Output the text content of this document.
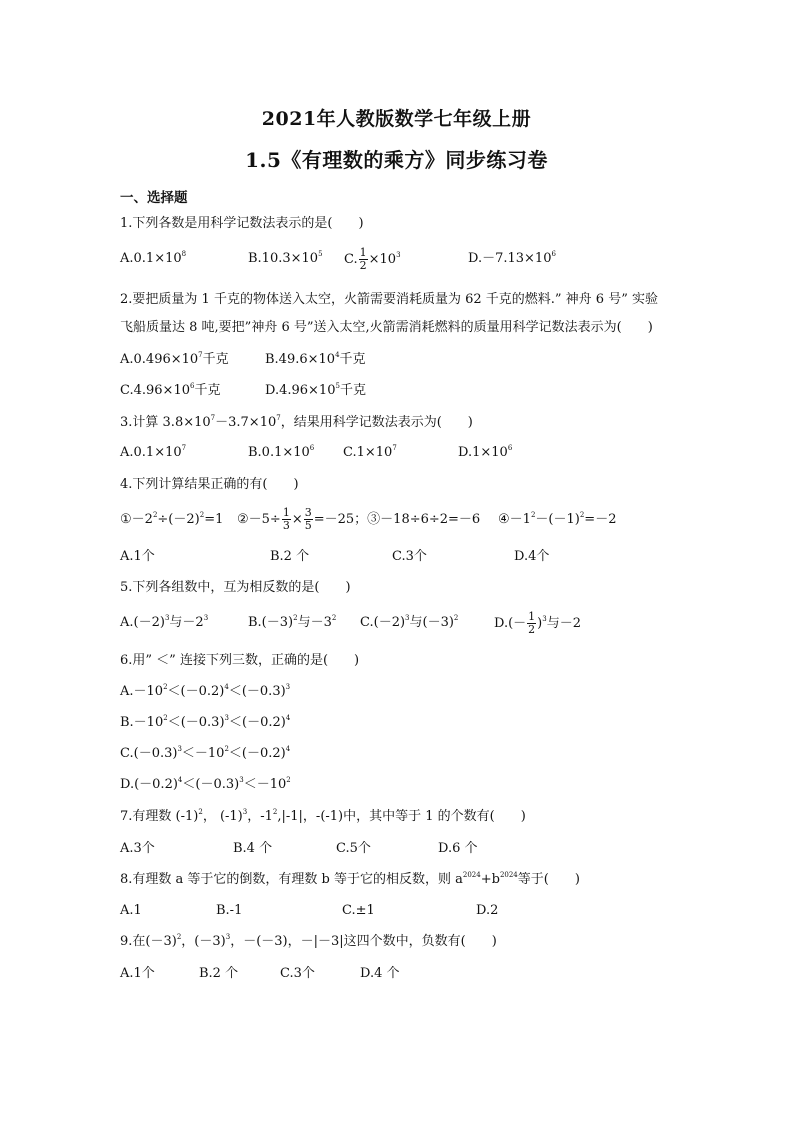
2021年人教版数学七年级上册
1.5《有理数的乘方》同步练习卷
一、选择题
1.下列各数是用科学记数法表示的是(　　)
$A.0.1\times 10^8$	$B.10.3\times 10^5$ C. $\frac{1}{2} \times 10^3$	$D.-7.13\times 10^6$
2.要把质量为 1 千克的物体送入太空，火箭需要消耗质量为 62 千克的燃料.” 神舟 6 号” 实验
飞船质量达 8 吨,要把”神舟 6 号”送入太空,火箭需消耗燃料的质量用科学记数法表示为(　　)
$A.0.496\times 10^7$千克	$B.49.6\times 10^4$千克
$C.4.96\times 10^6$千克	$D.4.96\times 10^5$千克
3.计算 $3.8\times 10^7-3.7\times 10^7$，结果用科学记数法表示为(　　)
$A.0.1\times 10^7$	$B.0.1\times 10^6$ $C.1\times 10^7$	$D.1\times 10^6$
4.下列计算结果正确的有(　　)
$①-2^2\div(-2)^2=1$ ②－5÷ $\frac{1}{3} \times \frac{3}{5} =-25$；③－18÷6÷2=－6 $④-1^2-(-1)^2=-2$
A.1个	B.2 个	C.3个	D.4个
5.下列各组数中，互为相反数的是(　　)
$A.(-2)^3$与$-2^3$	$B.(-3)^2$与$-3^2$ $C.(-2)^3$与$(-3)^2$	$D.(- \frac{1}{2} )^3$与－2
6.用” ＜” 连接下列三数，正确的是(　　)
$A.-10^2<(-0.2)^4<(-0.3)^3$
$B.-10^2<(-0.3)^3<(-0.2)^4$
$C.(-0.3)^3<-10^2<(-0.2)^4$
$D.(-0.2)^4<(-0.3)^3<-10^2$
7.有理数 $(-1)^2$， $(-1)^3$，$-1^2,|-1|$，-(-1)中，其中等于 1 的个数有(　　)
A.3个	B.4 个	C.5个	D.6 个
8.有理数 a 等于它的倒数，有理数 b 等于它的相反数，则 $a^{2024}+b^{2024}$等于(　　)
A.1	B.-1	C.±1	D.2
9.在$(-3)^2$，$(-3)^3$，－(－3)，－|－3|这四个数中，负数有(　　)
A.1个	B.2 个	C.3个	D.4 个
